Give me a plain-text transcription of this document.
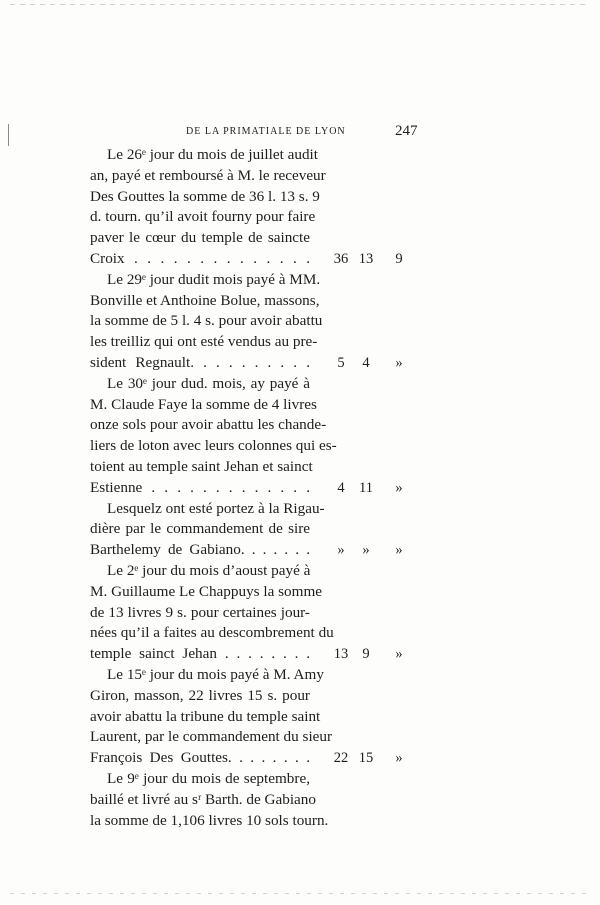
DE LA PRIMATIALE DE LYON	247
Le 26ᵉ jour du mois de juillet audit
an, payé et remboursé à M. le receveur
Des Gouttes la somme de 36 l. 13 s. 9
d. tourn. qu’il avoit fourny pour faire
paver le cœur du temple de saincte
Croix . . . . . . . . . . . . . . 36 13	9
Le 29ᵉ jour dudit mois payé à MM.
Bonville et Anthoine Bolue, massons,
la somme de 5 l. 4 s. pour avoir abattu
les treilliz qui ont esté vendus au pre-
sident Regnault. . . . . . . . . .	5	4	»
Le 30ᵉ jour dud. mois, ay payé à
M. Claude Faye la somme de 4 livres
onze sols pour avoir abattu les chande-
liers de loton avec leurs colonnes qui es-
toient au temple saint Jehan et sainct
Estienne . . . . . . . . . . . . .	4 11	»
Lesquelz ont esté portez à la Rigau-
dière par le commandement de sire
Barthelemy de Gabiano. . . . . . .	»	»	»
Le 2ᵉ jour du mois d’aoust payé à
M. Guillaume Le Chappuys la somme
de 13 livres 9 s. pour certaines jour-
nées qu’il a faites au descombrement du
temple sainct Jehan . . . . . . . . 13 9	»
Le 15ᵉ jour du mois payé à M. Amy
Giron, masson, 22 livres 15 s. pour
avoir abattu la tribune du temple saint
Laurent, par le commandement du sieur
François Des Gouttes. . . . . . . . 22 15	»
Le 9ᵉ jour du mois de septembre,
baillé et livré au sʳ Barth. de Gabiano
la somme de 1,106 livres 10 sols tourn.
